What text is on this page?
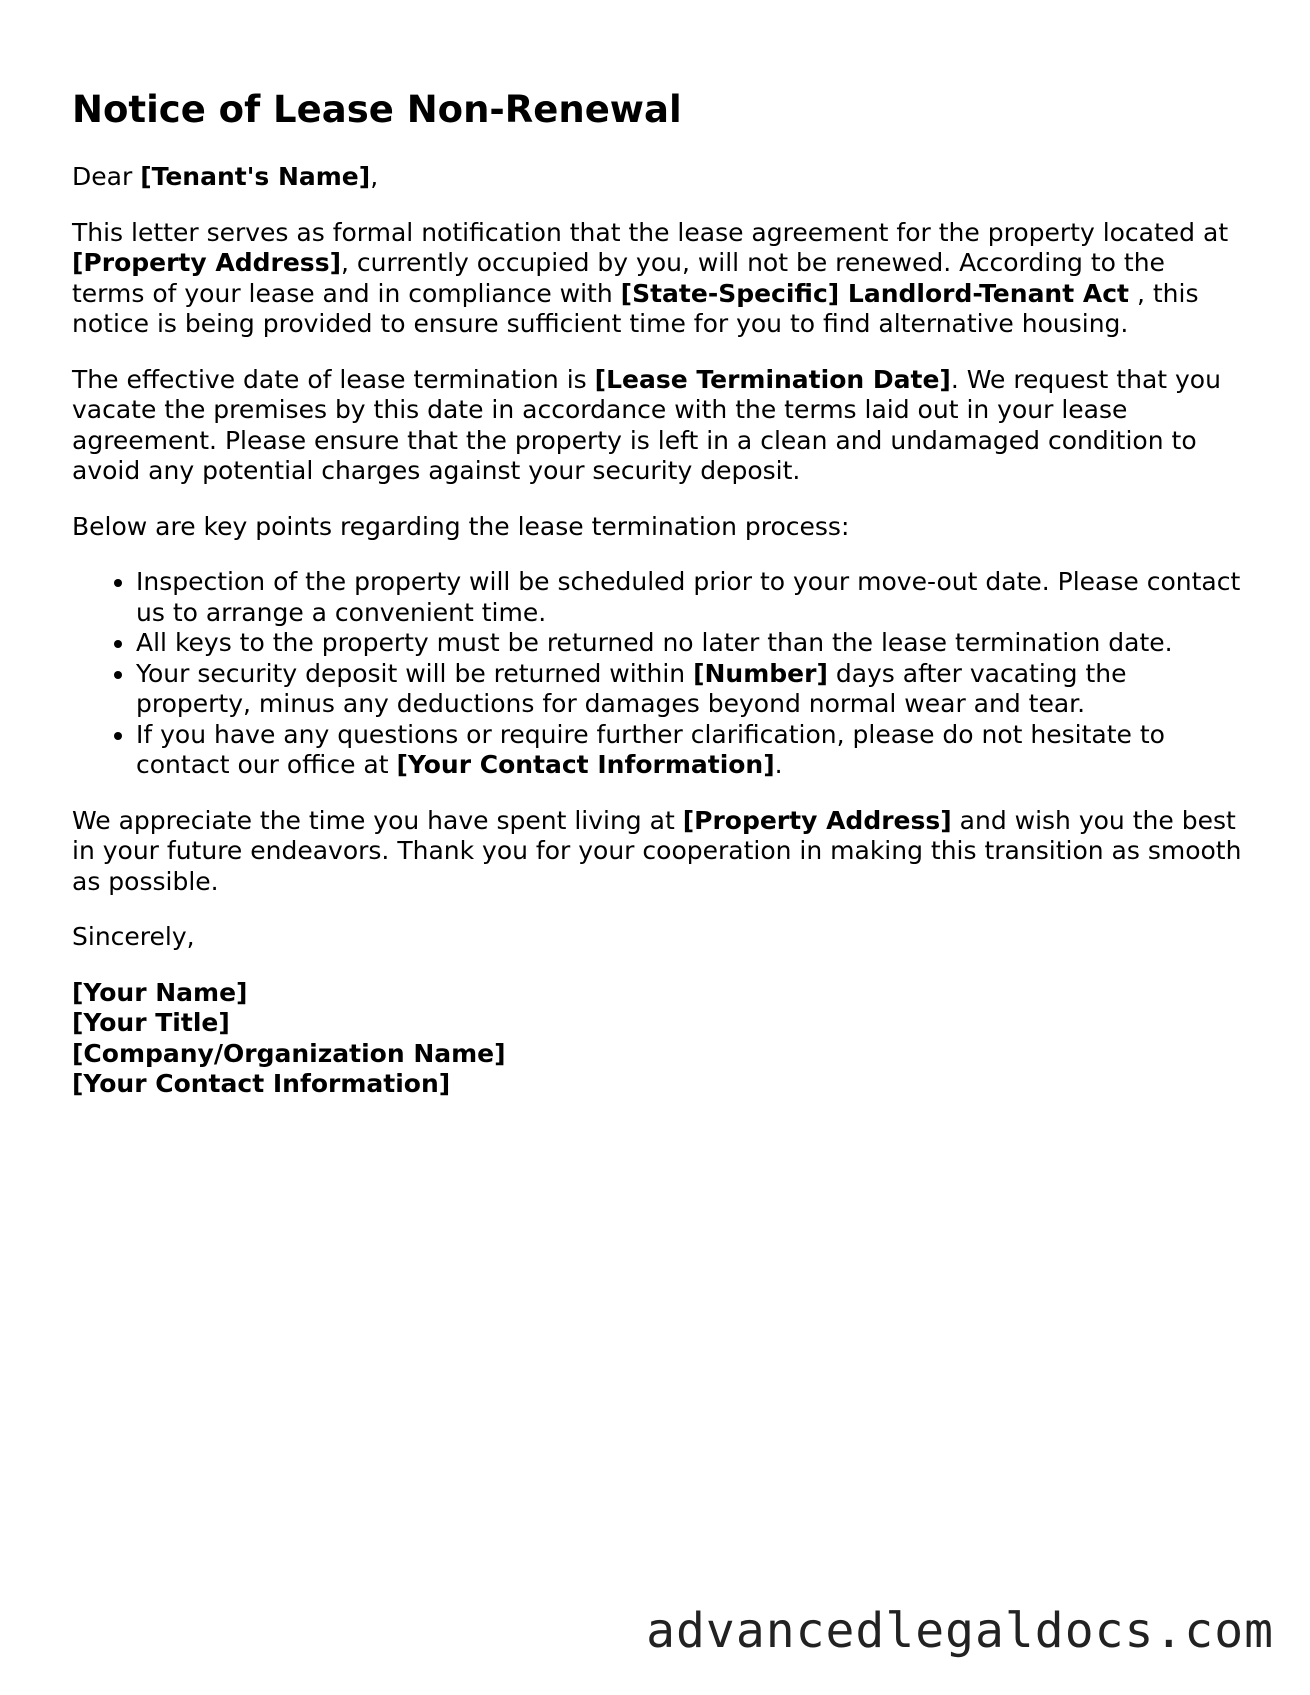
Notice of Lease Non-Renewal

Dear [Tenant's Name],

This letter serves as formal notification that the lease agreement for the property located at [Property Address], currently occupied by you, will not be renewed. According to the terms of your lease and in compliance with [State-Specific] Landlord-Tenant Act , this notice is being provided to ensure sufficient time for you to find alternative housing.

The effective date of lease termination is [Lease Termination Date]. We request that you vacate the premises by this date in accordance with the terms laid out in your lease agreement. Please ensure that the property is left in a clean and undamaged condition to avoid any potential charges against your security deposit.

Below are key points regarding the lease termination process:

• Inspection of the property will be scheduled prior to your move-out date. Please contact us to arrange a convenient time.
• All keys to the property must be returned no later than the lease termination date.
• Your security deposit will be returned within [Number] days after vacating the property, minus any deductions for damages beyond normal wear and tear.
• If you have any questions or require further clarification, please do not hesitate to contact our office at [Your Contact Information].

We appreciate the time you have spent living at [Property Address] and wish you the best in your future endeavors. Thank you for your cooperation in making this transition as smooth as possible.

Sincerely,

[Your Name]
[Your Title]
[Company/Organization Name]
[Your Contact Information]

advancedlegaldocs.com
